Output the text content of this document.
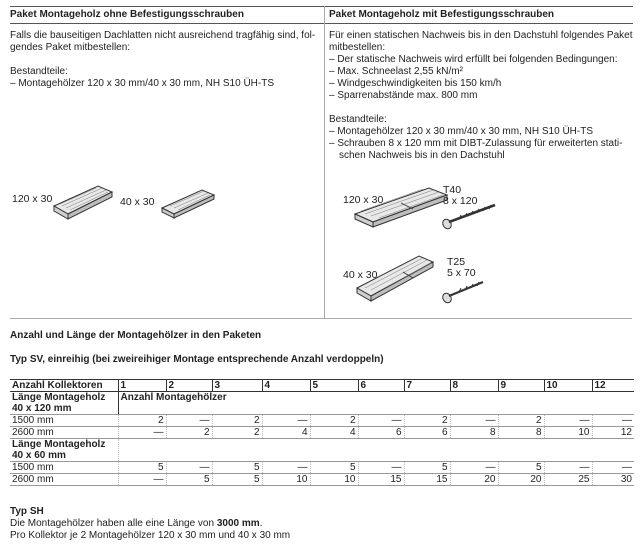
Paket Montageholz ohne Befestigungsschrauben
Falls die bauseitigen Dachlatten nicht ausreichend tragfähig sind, fol-
gendes Paket mitbestellen:
Bestandteile:
– Montagehölzer 120 x 30 mm/40 x 30 mm, NH S10 ÜH-TS
120 x 30	40 x 30
Paket Montageholz mit Befestigungsschrauben
Für einen statischen Nachweis bis in den Dachstuhl folgendes Paket
mitbestellen:
– Der statische Nachweis wird erfüllt bei folgenden Bedingungen:
– Max. Schneelast 2,55 kN/m²
– Windgeschwindigkeiten bis 150 km/h
– Sparrenabstände max. 800 mm
Bestandteile:
– Montagehölzer 120 x 30 mm/40 x 30 mm, NH S10 ÜH-TS
– Schrauben 8 x 120 mm mit DIBT-Zulassung für erweiterten stati-
schen Nachweis bis in den Dachstuhl
120 x 30
T40
8 x 120
40 x 30
T25
5 x 70
Anzahl und Länge der Montagehölzer in den Paketen
Typ SV, einreihig (bei zweireihiger Montage entsprechende Anzahl verdoppeln)
Anzahl Kollektoren	1	2	3	4	5	6	7	8	9	10	12

Länge Montageholz
40 x 120 mm	Anzahl Montagehölzer										
1500 mm	2	—	2	—	2	—	2	—	2	—	—
2600 mm	—	2	2	4	4	6	6	8	8	10	12

Länge Montageholz
40 x 60 mm											

1500 mm	5	—	5	—	5	—	5	—	5	—	—
2600 mm	—	5	5	10	10	15	15	20	20	25	30
Typ SH
Die Montagehölzer haben alle eine Länge von 3000 mm.
Pro Kollektor je 2 Montagehölzer 120 x 30 mm und 40 x 30 mm
